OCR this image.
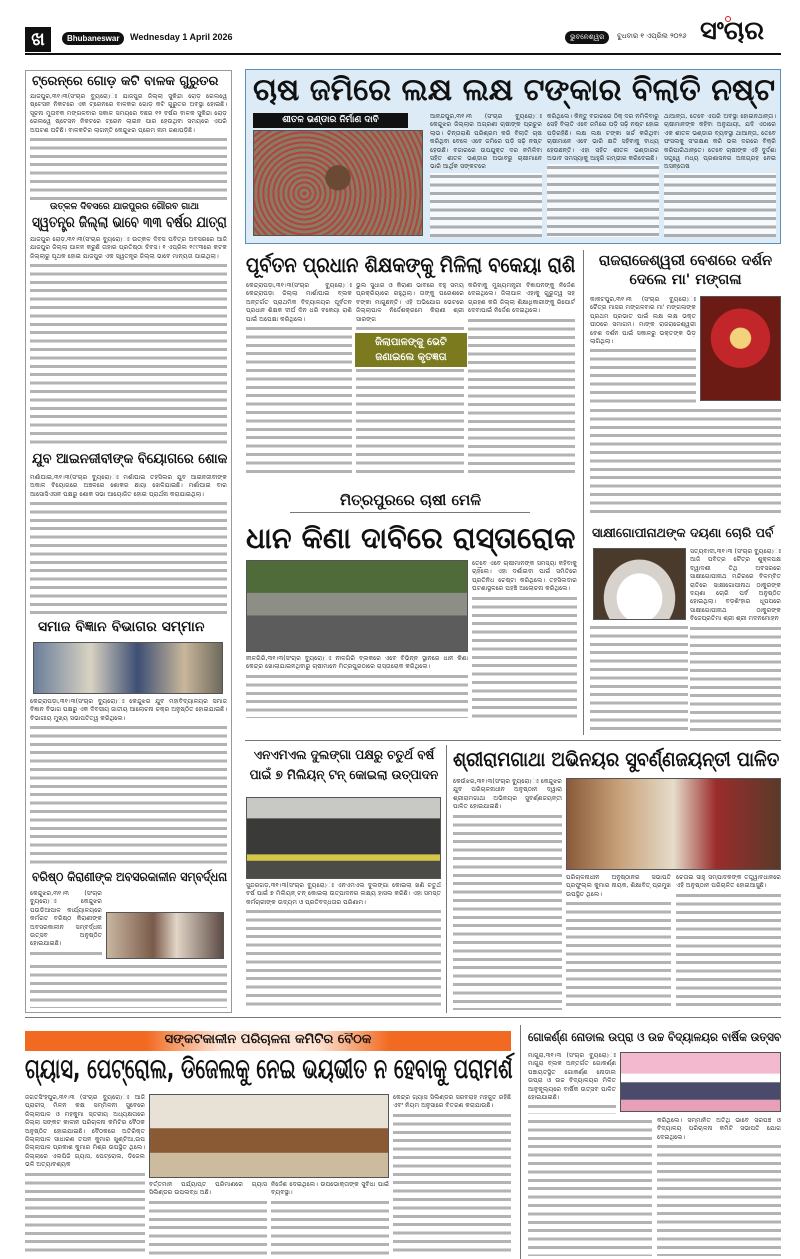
ଖ	Bhubaneswar	Wednesday 1 April 2026	ଭୁବନେଶ୍ୱର	ବୁଧବାର ୧ ଏପ୍ରିଲ ୨୦୨୬ ସଂଚାର
ଟ୍ରେନ୍‌ରେ ଗୋଡ଼ କଟି ବାଳକ ଗୁରୁତର

ଯାଜପୁର,୩୧।୩(ସଂଚାର ବ୍ୟୁରୋ)ଃ ଯାଜପୁର ଜିଲ୍ଲା ସୁକିନ୍ଦା ରୋଡ଼ ରେଲୱେ ଷ୍ଟେସନ ନିକଟରେ ଏକ ଟ୍ରେନରେ ବାଳକର ଗୋଡ଼ କଟି ଗୁରୁତର ଅବସ୍ଥା ହୋଇଛି। ସୂଚନା ମୁତାବକ ମଙ୍ଗଳବାର ସକାଳ ସମୟରେ ବଛର ୧୨ ବର୍ଷର ବାଳକ ସୁକିନ୍ଦା ରୋଡ଼ ରେଲୱେ ଷ୍ଟେସନ ନିକଟରେ ଟ୍ରେନ ଲାଇନ ପାର ହେଉଥିବା ସମୟରେ ଏପରି ଅଘଟଣ ଘଟିଛି। ବାଳକଟିର ଲାଗନ୍ତି କେନ୍ଦୁଝର ପ୍ରେମ ନାମ ଜଣାପଡ଼ିଛି।

ଉତ୍କଳ ଦିବସରେ ଯାଜପୁରର ଗୌରବ ଗାଥା
ସ୍ୱତନ୍ତ୍ର ଜିଲ୍ଲା ଭାବେ ୩୩ ବର୍ଷର ଯାତ୍ରା

ଯାଜପୁର ରୋଡ଼,୩୧।୩(ସଂଚାର ବ୍ୟୁରୋ)ଃ ଉତ୍କଳ ଦିବସ ପବିତ୍ର ଅବସରରେ ଆଜି ଯାଜପୁର ଜିଲ୍ଲା ପାଳନ କରୁଛି ତାହାର ପ୍ରତିଷ୍ଠା ଦିବସ। ୧ ଏପ୍ରିଲ ୧୯୯୩ରେ କଟକ ଜିଲ୍ଲାରୁ ପୃଥକ ହୋଇ ଯାଜପୁର ଏକ ସ୍ୱତନ୍ତ୍ର ଜିଲ୍ଲା ଭାବେ ମାନ୍ୟତା ପାଇଥିଲା।

ଯୁବ ଆଇନଜୀବୀଙ୍କ ବିୟୋଗରେ ଶୋକ

ମର୍ଶାଘାଇ,୩୧।୩(ସଂଚାର ବ୍ୟୁରୋ)ଃ ମର୍ଶାଘାଇ ତହସିଲର ଯୁବ ଆଇନଜୀବୀଙ୍କ ଅକାଳ ବିୟୋଗରେ ଅଞ୍ଚଳରେ ଶୋକର ଛାୟା ଖେଳିଯାଇଛି। ମର୍ଶାଘାଇ ବାର ଆସୋସିଏସନ ପକ୍ଷରୁ ଶୋକ ସଭା ଆୟୋଜିତ ହୋଇ ପ୍ରାର୍ଥନା କରାଯାଇଥିଲା।

ସମାଜ ବିଜ୍ଞାନ ବିଭାଗର ସମ୍ମାନ

କେନ୍ଦ୍ରାପଡ଼ା,୩୧।୩(ସଂଚାର ବ୍ୟୁରୋ)ଃ କେନ୍ଦୁଝର ଯୁବ ମହାବିଦ୍ୟାଳୟର ସମାଜ ବିଜ୍ଞାନ ବିଭାଗ ପକ୍ଷରୁ ଏକ ଦିବସୀୟ ଜାତୀୟ ଆଲୋଚନା ଚକ୍ର ଅନୁଷ୍ଠିତ ହୋଇଯାଇଛି। ବିଭାଗୀୟ ମୁଖ୍ୟ ସଭାପତିତ୍ୱ କରିଥିଲେ।

ବରିଷ୍ଠ କିରାଣୀଙ୍କ ଅବସରକାଳୀନ ସମ୍ବର୍ଦ୍ଧନା

କେନ୍ଦୁଝର,୩୧।୩ (ସଂଚାର ବ୍ୟୁରୋ)ଃ କେନ୍ଦୁଝର ପଉଡିଆପାଳ କାର୍ଯ୍ୟାଳୟରେ କର୍ମରତ ବରିଷ୍ଠ କିରାଣୀଙ୍କ ଅବସରକାଳୀନ ସମ୍ବର୍ଦ୍ଧନା ଉତ୍ସବ ଅନୁଷ୍ଠିତ ହୋଇଯାଇଛି।

ଚାଷ ଜମିରେ ଲକ୍ଷ ଲକ୍ଷ ଟଙ୍କାର ବିଲାତି ନଷ୍ଟ
ଶୀତଳ ଭଣ୍ଡାର ନିର୍ମାଣ ଦାବି	ଆନନ୍ଦପୁର,୩୧।୩ (ସଂଚାର ବ୍ୟୁରୋ)ଃ କେନ୍ଦୁଝର ଜିଲ୍ଲାର ଅଗ୍ରଣୀ ଚାଷୀଙ୍କ ପ୍ରଚୁର ଲାଭ। ଚିନ୍ତାରାଶି ପରିଶ୍ରମ କରି ବିଲାତି ଚାଷ କରିଥିବା ବେଳେ ଏବେ ଜମିରେ ପଡ଼ି ସଢ଼ି ନଷ୍ଟ ହେଉଛି। ବଜାରରେ ଉପଯୁକ୍ତ ଦର ନମିଳିବା ସହିତ ଶୀତଳ ଭଣ୍ଡାର ଅଭାବରୁ ଚାଷୀମାନେ ଭାରି ଆର୍ଥିକ ସଙ୍କଟରେ

କରିଥିଲେ। କିନ୍ତୁ ବଜାରରେ ଠିକ୍ ଦର ନମିଳିବାରୁ ସେହି ବିଲାତି ଏବେ ଜମିରେ ପଡ଼ି ସଢ଼ି ନଷ୍ଟ ହୋଇ ପଡ଼ିରହିଛି। ଲକ୍ଷ ଲକ୍ଷ ଟଙ୍କା ଖର୍ଚ୍ଚ କରିଥିବା ଚାଷୀମାନେ ଏବେ ଭାରି କ୍ଷତି ସହିବାକୁ ବାଧ୍ୟ ହେଉଛନ୍ତି। ଏହା ସହିତ ଶୀତଳ ଭଣ୍ଡାରର ଅଭାବ ସମସ୍ୟାକୁ ଆହୁରି ଗମ୍ଭୀର କରିଦେଇଛି।

ଥାଆନ୍ତା, ତେବେ ଏପରି ଅବସ୍ଥା ହୋଇନଥାନ୍ତା। ଚାଷୀମାନଙ୍କ କହିବା ଅନୁଯାୟୀ, ଯଦି ଏଠାରେ ଏକ ଶୀତଳ ଭଣ୍ଡାର ବ୍ୟବସ୍ଥା ଥାଆନ୍ତା, ତେବେ ଫସଲକୁ ସଂରକ୍ଷଣ କରି ଭଲ ଦରରେ ବିକ୍ରି କରିପାରିଥାନ୍ତେ। ତେବେ ଚାଷୀଙ୍କ ଏହି ଦୁର୍ଦ୍ଦଶା ସତ୍ତ୍ୱେ ମଧ୍ୟ ପ୍ରଶାସନର ଅନାଗ୍ରହ ନେଇ ଅସନ୍ତୋଷ

ପୂର୍ବତନ ପ୍ରଧାନ ଶିକ୍ଷକଙ୍କୁ ମିଳିଲା ବକେୟା ରାଶି

କେନ୍ଦ୍ରାପଡ଼ା,୩୧।୩(ସଂଚାର ବ୍ୟୁରୋ)ଃ କେନ୍ଦ୍ରାପଡ଼ା ଜିଲ୍ଲା ମାର୍ଶାଘାଇ ବ୍ଲକ ଅନ୍ତର୍ଗତ ପ୍ରାଥମିକ ବିଦ୍ୟାଳୟର ପୂର୍ବତନ ପ୍ରଧାନ ଶିକ୍ଷକ ଦୀର୍ଘ ଦିନ ଧରି ବକେୟା ରାଶି ପାଇଁ ଅପେକ୍ଷା କରିଥିଲେ।

ଭୁଲ ସୁଧାର ଓ କିରାଣୀ ଭାବରେ ବହୁ ସମୟ ପ୍ରକ୍ରିୟାରେ ରହୁଥିଲା। ତାଙ୍କୁ ପରେଶରେ ବଙ୍କା ମାଗୁଛନ୍ତି। ଏହି ଅଭିଯୋଗ ଭେଟରେ ଜିଲ୍ଲାପାଳ ନିର୍ଦ୍ଦେଶକ୍ରମେ କିରାଣୀ ଶ୍ରୀ ସାରଙ୍ଗ

ଜିଲାପାଳଙ୍କୁ ଭେଟି ଜଣାଇଲେ କୃତଜ୍ଞତା

କରିବାକୁ ମୁଖ୍ୟମନ୍ତ୍ରୀ ବିଜ୍ଞାପନଙ୍କୁ ନିର୍ଦ୍ଦେଶ ଦେଇଥିଲେ। ଜିଲାପାଳ ଏହାକୁ ଗୁରୁତ୍ୱ ସହ ଗ୍ରହଣ କରି ଜିଲ୍ଲା ଶିକ୍ଷାଧିକାରୀଙ୍କୁ ରିପୋର୍ଟ ଦେବାପାଇଁ ନିର୍ଦ୍ଦେଶ ଦେଇଥିଲେ।

ରାଜରାଜେଶ୍ୱରୀ ବେଶରେ ଦର୍ଶନ ଦେଲେ ମା' ମଙ୍ଗଳା

କାକଟପୁର,୩୧।୩ (ସଂଚାର ବ୍ୟୁରୋ)ଃ ଚୈତ୍ର ମାସର ମଙ୍ଗଳବାର ମା' ମଙ୍ଗଳାଙ୍କ ପ୍ରଥମ ପ୍ରଭାତ ପାଇଁ ଲକ୍ଷ ଲକ୍ଷ ଭକ୍ତ ପୀଠରେ ସମାଗମ। ମାଙ୍କ ରାଜରାଜେଶ୍ୱରୀ ବେଶ ଦର୍ଶନ ପାଇଁ ସକାଳରୁ ଭକ୍ତଙ୍କ ଭିଡ଼ ଲାଗିଥିଲା।

ମିତ୍ରପୁରରେ ଚାଷୀ ମେଳି
ଧାନ କିଣା ଦାବିରେ ରାସ୍ତାରୋକ

ନୀଳଗିରି,୩୧।୩(ସଂଚାର ବ୍ୟୁରୋ)ଃ ନୀଳଗିରି ବ୍ଲକରେ ଏବେ ବିଭିନ୍ନ ସ୍ଥାନରେ ଧାନ କିଣା କେନ୍ଦ୍ର ଖୋଲାଯାଇନଥିବାରୁ ଚାଷୀମାନେ ମିତ୍ରପୁରଠାରେ ରାସ୍ତାରୋକ କରିଥିଲେ।

ତେବେ ଏବେ ଚାଷୀମାନଙ୍କ ସମସ୍ୟା କହିବାକୁ ଚାହିଁଲେ। ଏହା ଦର୍ଶାଇବା ପାଇଁ ସମିତିରେ ପ୍ରତିନିଧ ଚେଷ୍ଟା କରିଥିଲେ। ତହସିଲଦାର ଘଟଣାସ୍ଥଳରେ ପହଞ୍ଚି ଆଲୋଚନା କରିଥିଲେ।

ସାକ୍ଷୀଗୋପୀନାଥଙ୍କ ଦୟଣା ଚୋରି ପର୍ବ

ସତ୍ୟବାଦୀ,୩୧।୩ (ସଂଚାର ବ୍ୟୁରୋ)ଃ ଆଜି ପବିତ୍ର ଚୈତ୍ର ଶୁକ୍ଳପକ୍ଷ ଦ୍ୱାଦଶୀ ତିଥି ଅବସରରେ ସାକ୍ଷୀଗୋପୀନାଥ ମନ୍ଦିରରେ ବିଳମ୍ବିତ ରାତିରେ ସାକ୍ଷୀଗୋପୀନାଥ ଠାକୁରଙ୍କ ଦୟଣା ଚୋରି ପର୍ବ ଅନୁଷ୍ଠିତ ହୋଇଥିଲା। ବଡ଼ଶିଂହାର ଧୂପପରେ ସାକ୍ଷୀଗୋପୀନାଥ ଠାକୁରଙ୍କ ବିଜେପ୍ରତିମା ଶ୍ରୀ ଶ୍ରୀ ମଦନମୋହନ

ଏନଏମଏଲ ଦୁଲଙ୍ଗା ପକ୍ଷରୁ ଚତୁର୍ଥ ବର୍ଷ ପାଇଁ ୭ ମିଲିୟନ୍ ଟନ୍ କୋଇଲା ଉତ୍ପାଦନ

ସୁନ୍ଦରଗଡ଼,୩୧।୩(ସଂଚାର ବ୍ୟୁରୋ)ଃ ଏନଏମଏଲ ଦୁଲଙ୍ଗା କୋଇଲା ଖଣି ଚତୁର୍ଥ ବର୍ଷ ପାଇଁ ୭ ମିଲିୟନ୍ ଟନ୍ କୋଇଲା ଉତ୍ପାଦନର ଲକ୍ଷ୍ୟ ହାସଲ କରିଛି। ଏହା ସମସ୍ତ କର୍ମଚାରୀଙ୍କ ଉଦ୍ୟମ ଓ ପ୍ରତିବଦ୍ଧତାର ପରିଣାମ।

ଶ୍ରୀରାମଗାଥା ଅଭିନୟର ସୁବର୍ଣ୍ଣଜୟନ୍ତୀ ପାଳିତ

କେଉଁଝର,୩୧।୩(ସଂଚାର ବ୍ୟୁରୋ)ଃ କେନ୍ଦୁଝର ଯୁବ ପରିଚାଳନାଧୀନ ଅନୁଷ୍ଠାନ ଦ୍ୱାରା ଶ୍ରୀରାମଗାଥା ଅଭିନୟର ସୁବର୍ଣ୍ଣଜୟନ୍ତୀ ପାଳିତ ହୋଇଯାଇଛି।

ପରିଚାଳନାଧୀନ ଅନୁଷ୍ଠାନର ସଭାପତି ପ୍ରଫୁଲ୍ଲ କୁମାର ନାୟକ, ଶିକ୍ଷାବିତ୍ ପ୍ରମୁଖ ଉପସ୍ଥିତ ଥିଲେ।

ଚେତାଇ ସାହୁ ସମ୍ପାଦକଙ୍କ ତତ୍ତ୍ୱାବଧାନରେ ଏହି ଅନୁଷ୍ଠାନ ପରିଚାଳିତ ହୋଇଆସୁଛି।

ସଙ୍କଟକାଳୀନ ପରିଚାଳନା କମିଟିର ବୈଠକ
ଗ୍ୟାସ, ପେଟ୍ରୋଲ, ଡିଜେଲକୁ ନେଇ ଭୟଭୀତ ନ ହେବାକୁ ପରାମର୍ଶ

ଜଗତସିଂହପୁର,୩୧।୩ (ସଂଚାର ବ୍ୟୁରୋ)ଃ ଆଜି ପ୍ରାଚୀସ୍ ମିଳନ କକ୍ଷ ସମ୍ମିଳନୀ ସୁବେରେ ଜିଲ୍ଲାପାଳ ଓ ମହକୁମା ସ୍ତରୀୟ ଅଧ୍ୟକ୍ଷତାରେ ଜିଲ୍ଲା ସଙ୍କଟ କାଳୀନ ପରିଚାଳନା କମିଟିର ବୈଠକ ଅନୁଷ୍ଠିତ ହୋଇଯାଇଛି। ବୈଠକରେ ଅତିରିକ୍ତ ଜିଲ୍ଲାପାଳ ସାଧାରଣ ତପନ କୁମାର ଖୁଣ୍ଟିଆ,ଉପ ଜିଲ୍ଲାପାଳ ପ୍ରକାଶ କୁମାର ମିଶ୍ର ଉପସ୍ଥିତ ଥିଲେ। ଜିଲ୍ଲାରେ ଏଲପିଜି ଗ୍ୟାସ, ପେଟ୍ରୋଲ, ଡିଜେଲ ଭଳି ଅତ୍ୟାବଶ୍ୟକ

ବର୍ତ୍ତମାନ ପର୍ଯ୍ୟାପ୍ତ ପରିମାଣରେ ଗ୍ୟାସ ସିଲିଣ୍ଡର ଉପଲବ୍ଧ ଅଛି।

ନିର୍ଦ୍ଦେଶ ଦେଇଥିଲେ। ଉପଭୋକ୍ତାଙ୍କ ସୁବିଧା ପାଇଁ ବ୍ୟବସ୍ଥା।

କେନ୍ଦ୍ର ଗ୍ୟାସ ସିଲିଣ୍ଡର ସରବରାହ ମହଜୁତ ରହିଛି ଏବଂ ନିୟମ ଅନୁସାରେ ବିତରଣ କରାଯାଉଛି।

ଗୋକର୍ଣ୍ଣ ନୋଡାଲ ଉପ୍ରା ଓ ଉଚ୍ଚ ବିଦ୍ୟାଳୟର ବାର୍ଷିକ ଉତ୍ସବ

ମାଗୁରା,୩୧।୩ (ସଂଚାର ବ୍ୟୁରୋ)ଃ ମାଗୁରା ବ୍ଲକ ଅନ୍ତର୍ଗତ ଗୋକର୍ଣ୍ଣ ପଞ୍ଚାୟତସ୍ଥିତ ଗୋକର୍ଣ୍ଣ ନୋଡାଲ ଉପ୍ରା ଓ ଉଚ୍ଚ ବିଦ୍ୟାଳୟର ମିଳିତ ଆନୁକୂଲ୍ୟରେ ବାର୍ଷିକ ଉତ୍ସବ ପାଳିତ ହୋଇଯାଇଛି।

କରିଥିଲେ। ସମ୍ମାନିତ ଅତିଥି ଭାବେ ସରପଞ୍ଚ ଓ ବିଦ୍ୟାଳୟ ପରିଚାଳନା କମିଟି ସଭାପତି ଯୋଗ ଦେଇଥିଲେ।
